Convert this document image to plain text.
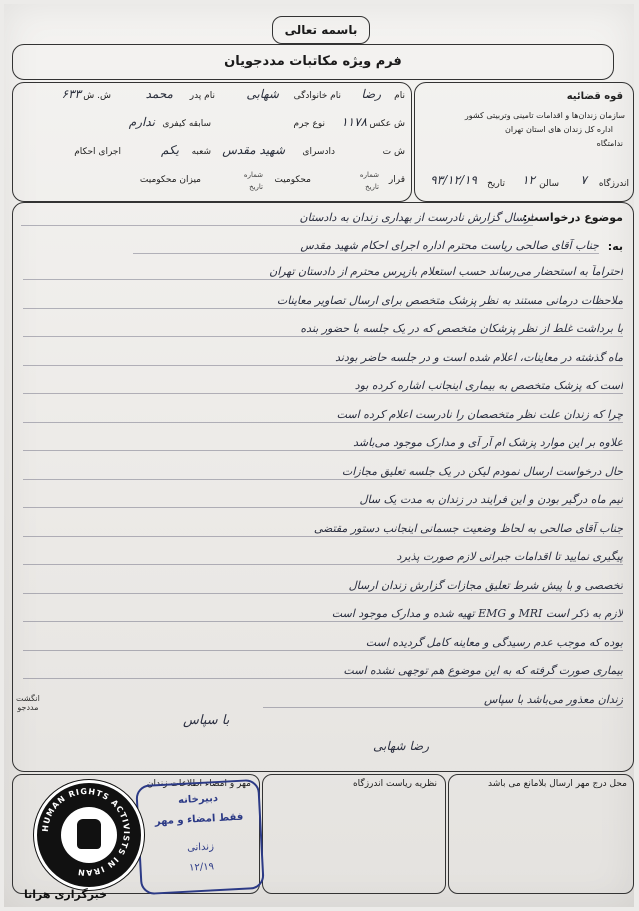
باسمه تعالی
فرم ویژه مکاتبات مددجویان
قوه قضائیه
سازمان زندان‌ها و اقدامات تامینی وتربیتی کشور
اداره کل زندان های استان تهران
ندامتگاه
اندرزگاه
۷
سالن
۱۲
تاریخ
۹۳/۱۲/۱۹
نام
رضا
نام خانوادگی
شهابی
نام پدر
محمد
ش. ش
۶۳۳
ش عکس
۱۱۷۸
نوع جرم
سابقه کیفری
ندارم
ش ت
دادسرای
شهید مقدس
شعبه
یکم
اجرای احکام
قرار
شماره
تاریخ
محکومیت
شماره
تاریخ
میزان محکومیت
موضوع درخواست:
ارسال گزارش نادرست از بهداری زندان به دادستان
به:
جناب آقای صالحی ریاست محترم اداره اجرای احکام شهید مقدس
احتراماً به استحضار می‌رساند حسب استعلام بازپرس محترم از دادستان تهران
ملاحظات درمانی مستند به نظر پزشک متخصص برای ارسال تصاویر معاینات
با برداشت غلط از نظر پزشکان متخصص که در یک جلسه با حضور بنده
ماه گذشته در معاینات، اعلام شده است و در جلسه حاضر بودند
است که پزشک متخصص به بیماری اینجانب اشاره کرده بود
چرا که زندان علت نظر متخصصان را نادرست اعلام کرده است
علاوه بر این موارد پزشک ام آر آی و مدارک موجود می‌باشد
حال درخواست ارسال نمودم لیکن در یک جلسه تعلیق مجازات
نیم ماه درگیر بودن و این فرایند در زندان به مدت یک سال
جناب آقای صالحی به لحاظ وضعیت جسمانی اینجانب دستور مقتضی
پیگیری نمایید تا اقدامات جبرانی لازم صورت پذیرد
تخصصی و با پیش شرط تعلیق مجازات گزارش زندان ارسال
لازم به ذکر است MRI و EMG تهیه شده و مدارک موجود است
بوده که موجب عدم رسیدگی و معاینه کامل گردیده است
بیماری صورت گرفته که به این موضوع هم توجهی نشده است
زندان معذور می‌باشد با سپاس
با سپاس
رضا شهابی
انگشت
مددجو
محل درج مهر ارسال بلامانع می باشد
نظریه ریاست اندرزگاه
مهر و امضاء اطلاعات زندان
دبیرخانه
فقط امضاء و مهر
زندانی
۱۲/۱۹
HUMAN RIGHTS ACTIVISTS IN IRAN
خبرگزاری هرانا
